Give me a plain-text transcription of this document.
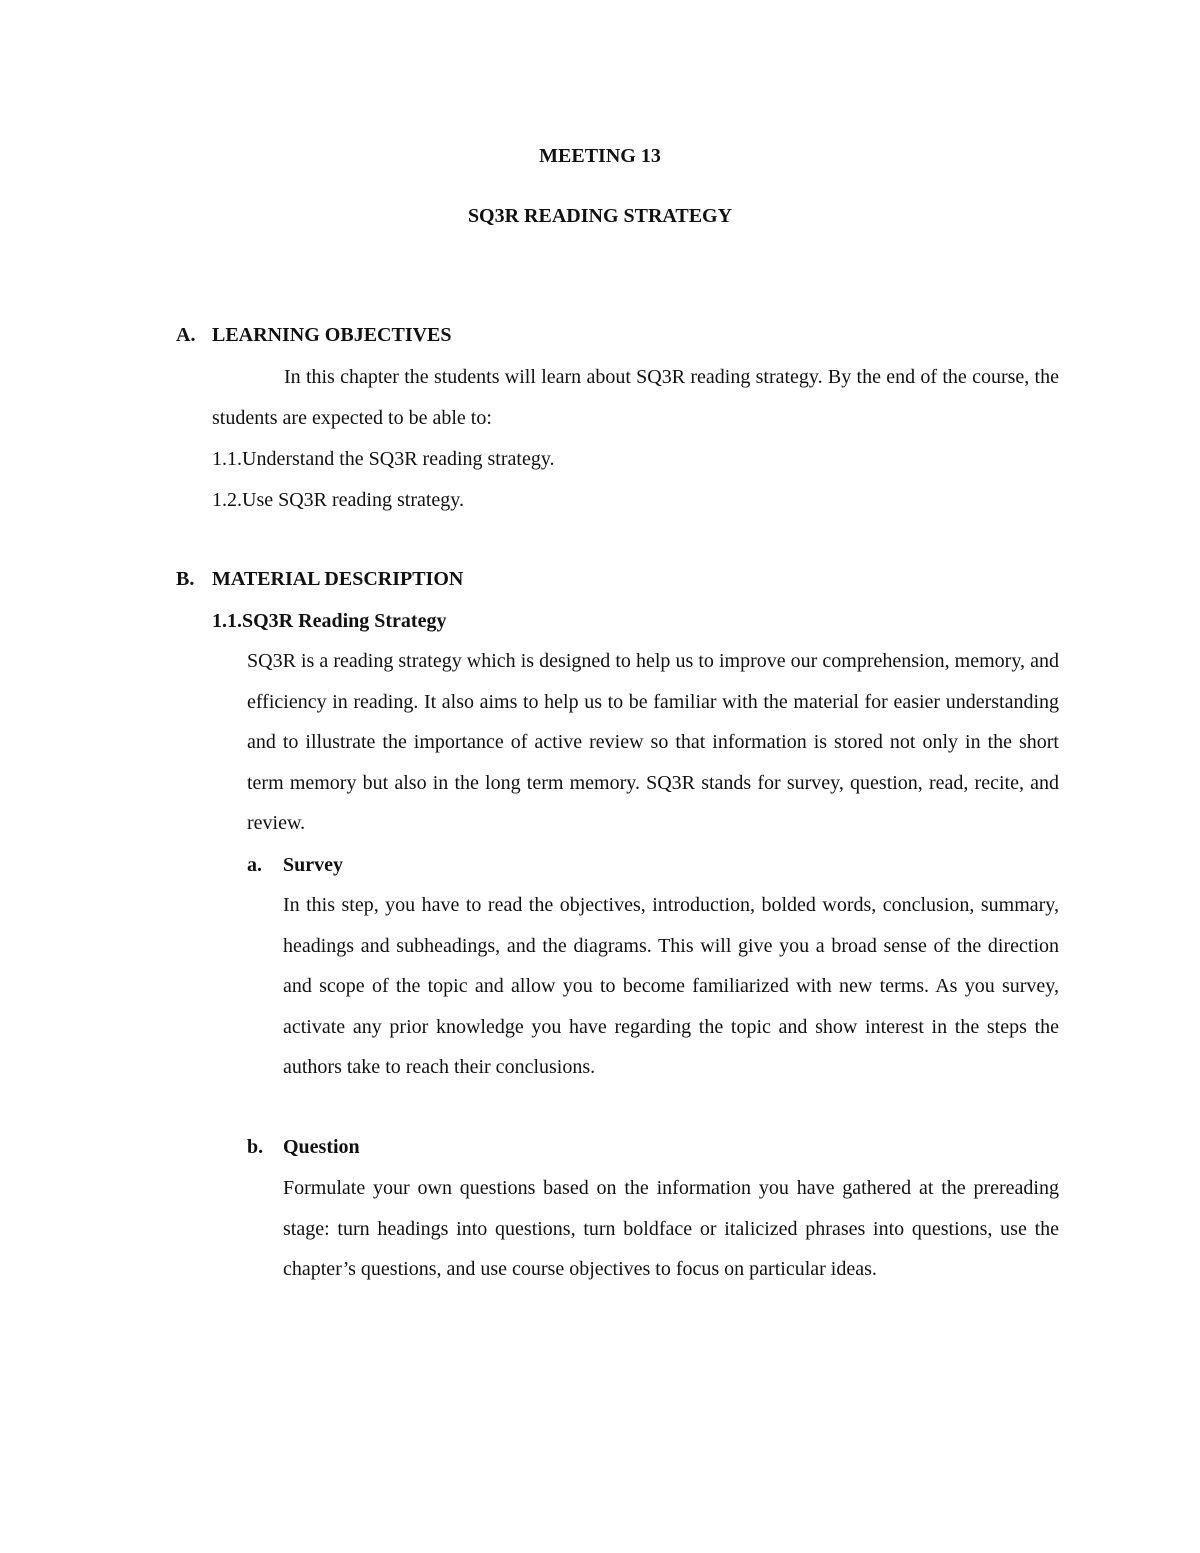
MEETING 13
SQ3R READING STRATEGY
A. LEARNING OBJECTIVES
In this chapter the students will learn about SQ3R reading strategy. By the end of the course, the students are expected to be able to:
1.1.Understand the SQ3R reading strategy.
1.2.Use SQ3R reading strategy.
B. MATERIAL DESCRIPTION
1.1.SQ3R Reading Strategy
SQ3R is a reading strategy which is designed to help us to improve our comprehension, memory, and efficiency in reading. It also aims to help us to be familiar with the material for easier understanding and to illustrate the importance of active review so that information is stored not only in the short term memory but also in the long term memory. SQ3R stands for survey, question, read, recite, and review.
a. Survey
In this step, you have to read the objectives, introduction, bolded words, conclusion, summary, headings and subheadings, and the diagrams. This will give you a broad sense of the direction and scope of the topic and allow you to become familiarized with new terms. As you survey, activate any prior knowledge you have regarding the topic and show interest in the steps the authors take to reach their conclusions.
b. Question
Formulate your own questions based on the information you have gathered at the prereading stage: turn headings into questions, turn boldface or italicized phrases into questions, use the chapter’s questions, and use course objectives to focus on particular ideas.
